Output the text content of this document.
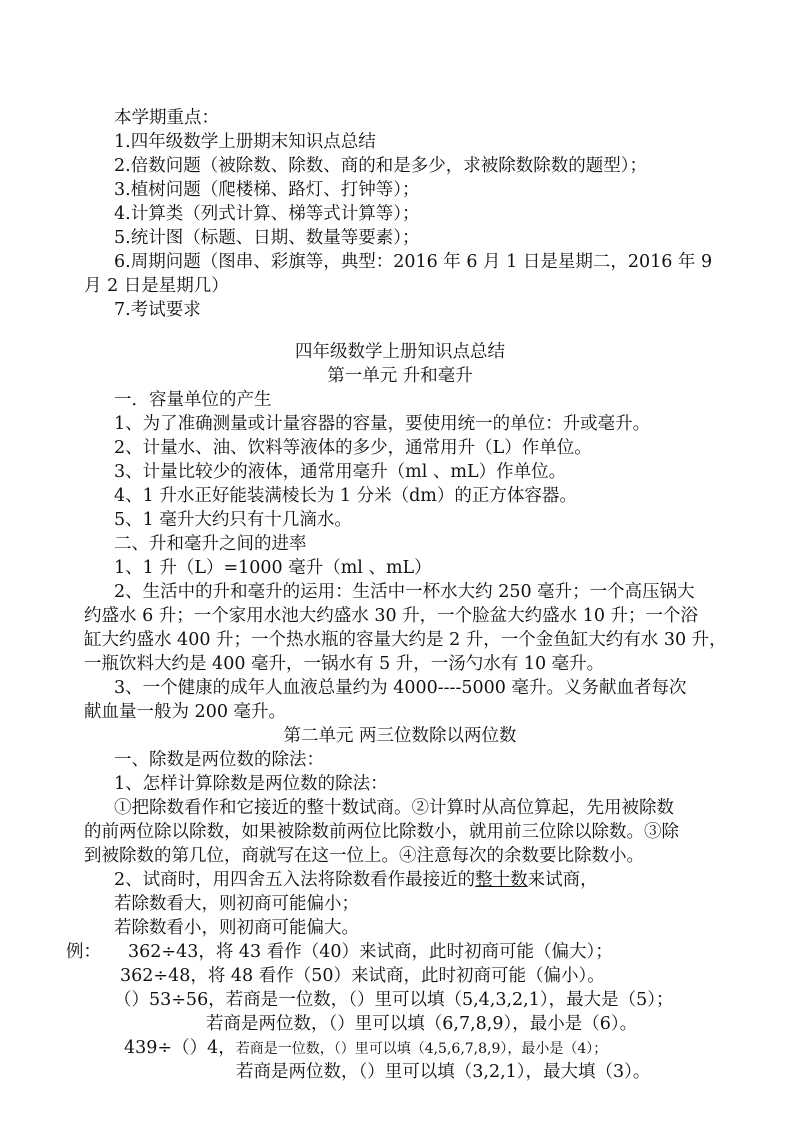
本学期重点：
1.四年级数学上册期末知识点总结
2.倍数问题（被除数、除数、商的和是多少，求被除数除数的题型）；
3.植树问题（爬楼梯、路灯、打钟等）；
4.计算类（列式计算、梯等式计算等）；
5.统计图（标题、日期、数量等要素）；
6.周期问题（图串、彩旗等，典型：2016 年 6 月 1 日是星期二，2016 年 9
月 2 日是星期几）
7.考试要求
四年级数学上册知识点总结
第一单元 升和毫升
一．容量单位的产生
1、为了准确测量或计量容器的容量，要使用统一的单位：升或毫升。
2、计量水、油、饮料等液体的多少，通常用升（L）作单位。
3、计量比较少的液体，通常用毫升（ml 、mL）作单位。
4、1 升水正好能装满棱长为 1 分米（dm）的正方体容器。
5、1 毫升大约只有十几滴水。
二、升和毫升之间的进率
1、1 升（L）=1000 毫升（ml 、mL）
2、生活中的升和毫升的运用：生活中一杯水大约 250 毫升；一个高压锅大
约盛水 6 升；一个家用水池大约盛水 30 升，一个脸盆大约盛水 10 升；一个浴
缸大约盛水 400 升；一个热水瓶的容量大约是 2 升，一个金鱼缸大约有水 30 升，
一瓶饮料大约是 400 毫升，一锅水有 5 升，一汤勺水有 10 毫升。
3、一个健康的成年人血液总量约为 4000----5000 毫升。义务献血者每次
献血量一般为 200 毫升。
第二单元 两三位数除以两位数
一、除数是两位数的除法：
1、怎样计算除数是两位数的除法：
①把除数看作和它接近的整十数试商。②计算时从高位算起，先用被除数
的前两位除以除数，如果被除数前两位比除数小，就用前三位除以除数。③除
到被除数的第几位，商就写在这一位上。④注意每次的余数要比除数小。
2、试商时，用四舍五入法将除数看作最接近的整十数来试商，
若除数看大，则初商可能偏小；
若除数看小，则初商可能偏大。
例： 362÷43，将 43 看作（40）来试商，此时初商可能（偏大）；
362÷48，将 48 看作（50）来试商，此时初商可能（偏小）。
（）53÷56，若商是一位数，（）里可以填（5,4,3,2,1），最大是（5）；
若商是两位数，（）里可以填（6,7,8,9），最小是（6）。
439÷（）4，若商是一位数，（）里可以填（4,5,6,7,8,9），最小是（4）；
若商是两位数，（）里可以填（3,2,1），最大填（3）。
